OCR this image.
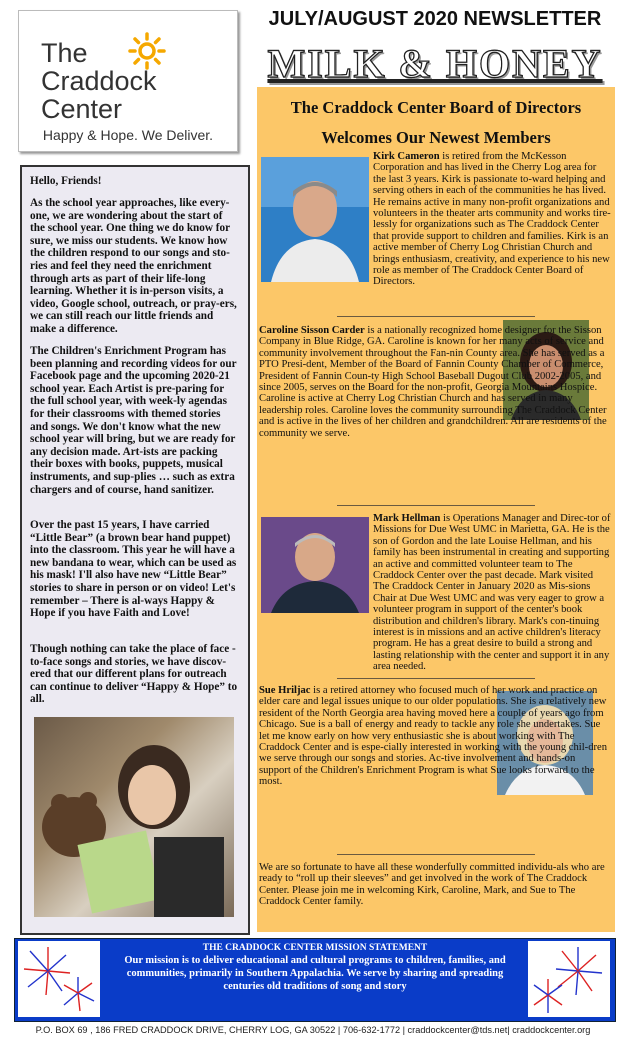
The
Craddock
Center
Happy & Hope. We Deliver.
JULY/AUGUST 2020 NEWSLETTER
MILK & HONEY

Hello, Friends!

As the school year approaches, like every-one, we are wondering about the start of the school year. One thing we do know for sure, we miss our students. We know how the children respond to our songs and sto-ries and feel they need the enrichment through arts as part of their life-long learning. Whether it is in-person visits, a video, Google school, outreach, or pray-ers, we can still reach our little friends and make a difference.

The Children's Enrichment Program has been planning and recording videos for our Facebook page and the upcoming 2020-21 school year. Each Artist is pre-paring for the full school year, with week-ly agendas for their classrooms with themed stories and songs. We don't know what the new school year will bring, but we are ready for any decision made. Art-ists are packing their boxes with books, puppets, musical instruments, and sup-plies … such as extra chargers and of course, hand sanitizer.

Over the past 15 years, I have carried “Little Bear” (a brown bear hand puppet) into the classroom. This year he will have a new bandana to wear, which can be used as his mask! I'll also have new “Little Bear” stories to share in person or on video! Let's remember – There is al-ways Happy & Hope if you have Faith and Love!

Though nothing can take the place of face -to-face songs and stories, we have discov-ered that our different plans for outreach can continue to deliver “Happy & Hope” to all.

The Craddock Center Board of Directors
Welcomes Our Newest Members

Kirk Cameron is retired from the McKesson Corporation and has lived in the Cherry Log area for the last 3 years. Kirk is passionate to-ward helping and serving others in each of the communities he has lived. He remains active in many non-profit organizations and volunteers in the theater arts community and works tire-lessly for organizations such as The Craddock Center that provide support to children and families. Kirk is an active member of Cherry Log Christian Church and brings enthusiasm, creativity, and experience to his new role as member of The Craddock Center Board of Directors.

Caroline Sisson Carder is a nationally recognized home designer for the Sisson Company in Blue Ridge, GA. Caroline is known for her many acts of service and community involvement throughout the Fan-nin County area. She has served as a PTO Presi-dent, Member of the Board of Fannin County Chamber of Commerce, President of Fannin Coun-ty High School Baseball Dugout Club 2002-2005, and since 2005, serves on the Board for the non-profit, Georgia Mountains Hospice. Caroline is active at Cherry Log Christian Church and has served in many leadership roles. Caroline loves the community surrounding The Craddock Center and is active in the lives of her children and grandchildren. All are residents of the community we serve.

Mark Hellman is Operations Manager and Direc-tor of Missions for Due West UMC in Marietta, GA. He is the son of Gordon and the late Louise Hellman, and his family has been instrumental in creating and supporting an active and committed volunteer team to The Craddock Center over the past decade. Mark visited The Craddock Center in January 2020 as Mis-sions Chair at Due West UMC and was very eager to grow a volunteer program in support of the center's book distribution and children's library. Mark's con-tinuing interest is in missions and an active children's literacy program. He has a great desire to build a strong and lasting relationship with the center and support it in any area needed.

Sue Hriljac is a retired attorney who focused much of her work and practice on elder care and legal issues unique to our older populations. She is a relatively new resident of the North Georgia area having moved here a couple of years ago from Chicago. Sue is a ball of energy and ready to tackle any role she undertakes. Sue let me know early on how very enthusiastic she is about working with The Craddock Center and is espe-cially interested in working with the young chil-dren we serve through our songs and stories. Ac-tive involvement and hands-on support of the Children's Enrichment Program is what Sue looks forward to the most.

We are so fortunate to have all these wonderfully committed individu-als who are ready to “roll up their sleeves” and get involved in the work of The Craddock Center. Please join me in welcoming Kirk, Caroline, Mark, and Sue to The Craddock Center family.

THE CRADDOCK CENTER MISSION STATEMENT
Our mission is to deliver educational and cultural programs to children, families, and communities, primarily in Southern Appalachia. We serve by sharing and spreading centuries old traditions of song and story
P.O. BOX 69 , 186 FRED CRADDOCK DRIVE, CHERRY LOG, GA 30522 | 706-632-1772 | craddockcenter@tds.net| craddockcenter.org
